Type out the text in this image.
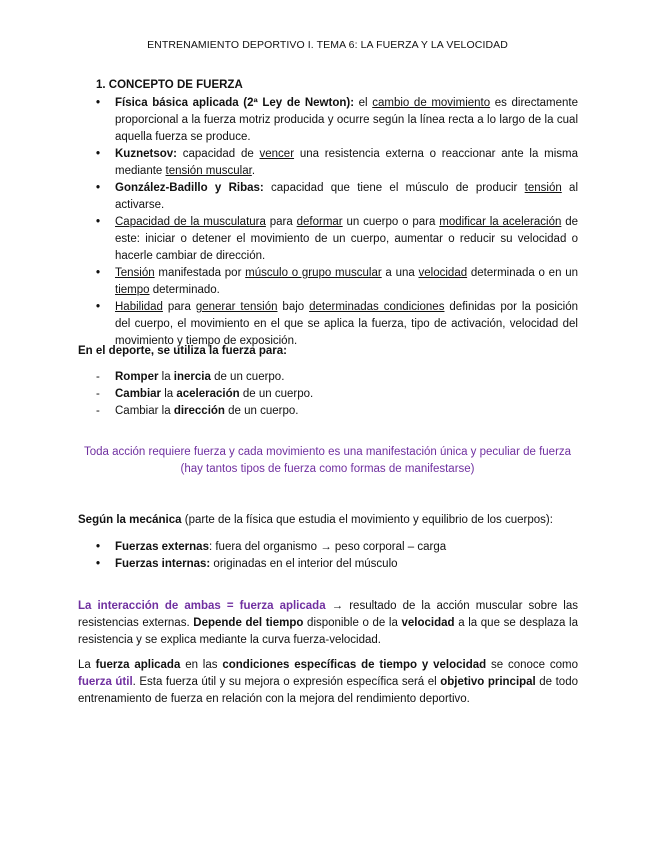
ENTRENAMIENTO DEPORTIVO I. TEMA 6: LA FUERZA Y LA VELOCIDAD
1. CONCEPTO DE FUERZA
• Física básica aplicada (2ª Ley de Newton): el cambio de movimiento es directamente proporcional a la fuerza motriz producida y ocurre según la línea recta a lo largo de la cual aquella fuerza se produce.
• Kuznetsov: capacidad de vencer una resistencia externa o reaccionar ante la misma mediante tensión muscular.
• González-Badillo y Ribas: capacidad que tiene el músculo de producir tensión al activarse.
• Capacidad de la musculatura para deformar un cuerpo o para modificar la aceleración de este: iniciar o detener el movimiento de un cuerpo, aumentar o reducir su velocidad o hacerle cambiar de dirección.
• Tensión manifestada por músculo o grupo muscular a una velocidad determinada o en un tiempo determinado.
• Habilidad para generar tensión bajo determinadas condiciones definidas por la posición del cuerpo, el movimiento en el que se aplica la fuerza, tipo de activación, velocidad del movimiento y tiempo de exposición.
En el deporte, se utiliza la fuerza para:
- Romper la inercia de un cuerpo.
- Cambiar la aceleración de un cuerpo.
- Cambiar la dirección de un cuerpo.
Toda acción requiere fuerza y cada movimiento es una manifestación única y peculiar de fuerza
(hay tantos tipos de fuerza como formas de manifestarse)
Según la mecánica (parte de la física que estudia el movimiento y equilibrio de los cuerpos):
• Fuerzas externas: fuera del organismo → peso corporal – carga
• Fuerzas internas: originadas en el interior del músculo
La interacción de ambas = fuerza aplicada → resultado de la acción muscular sobre las resistencias externas. Depende del tiempo disponible o de la velocidad a la que se desplaza la resistencia y se explica mediante la curva fuerza-velocidad.
La fuerza aplicada en las condiciones específicas de tiempo y velocidad se conoce como fuerza útil. Esta fuerza útil y su mejora o expresión específica será el objetivo principal de todo entrenamiento de fuerza en relación con la mejora del rendimiento deportivo.
